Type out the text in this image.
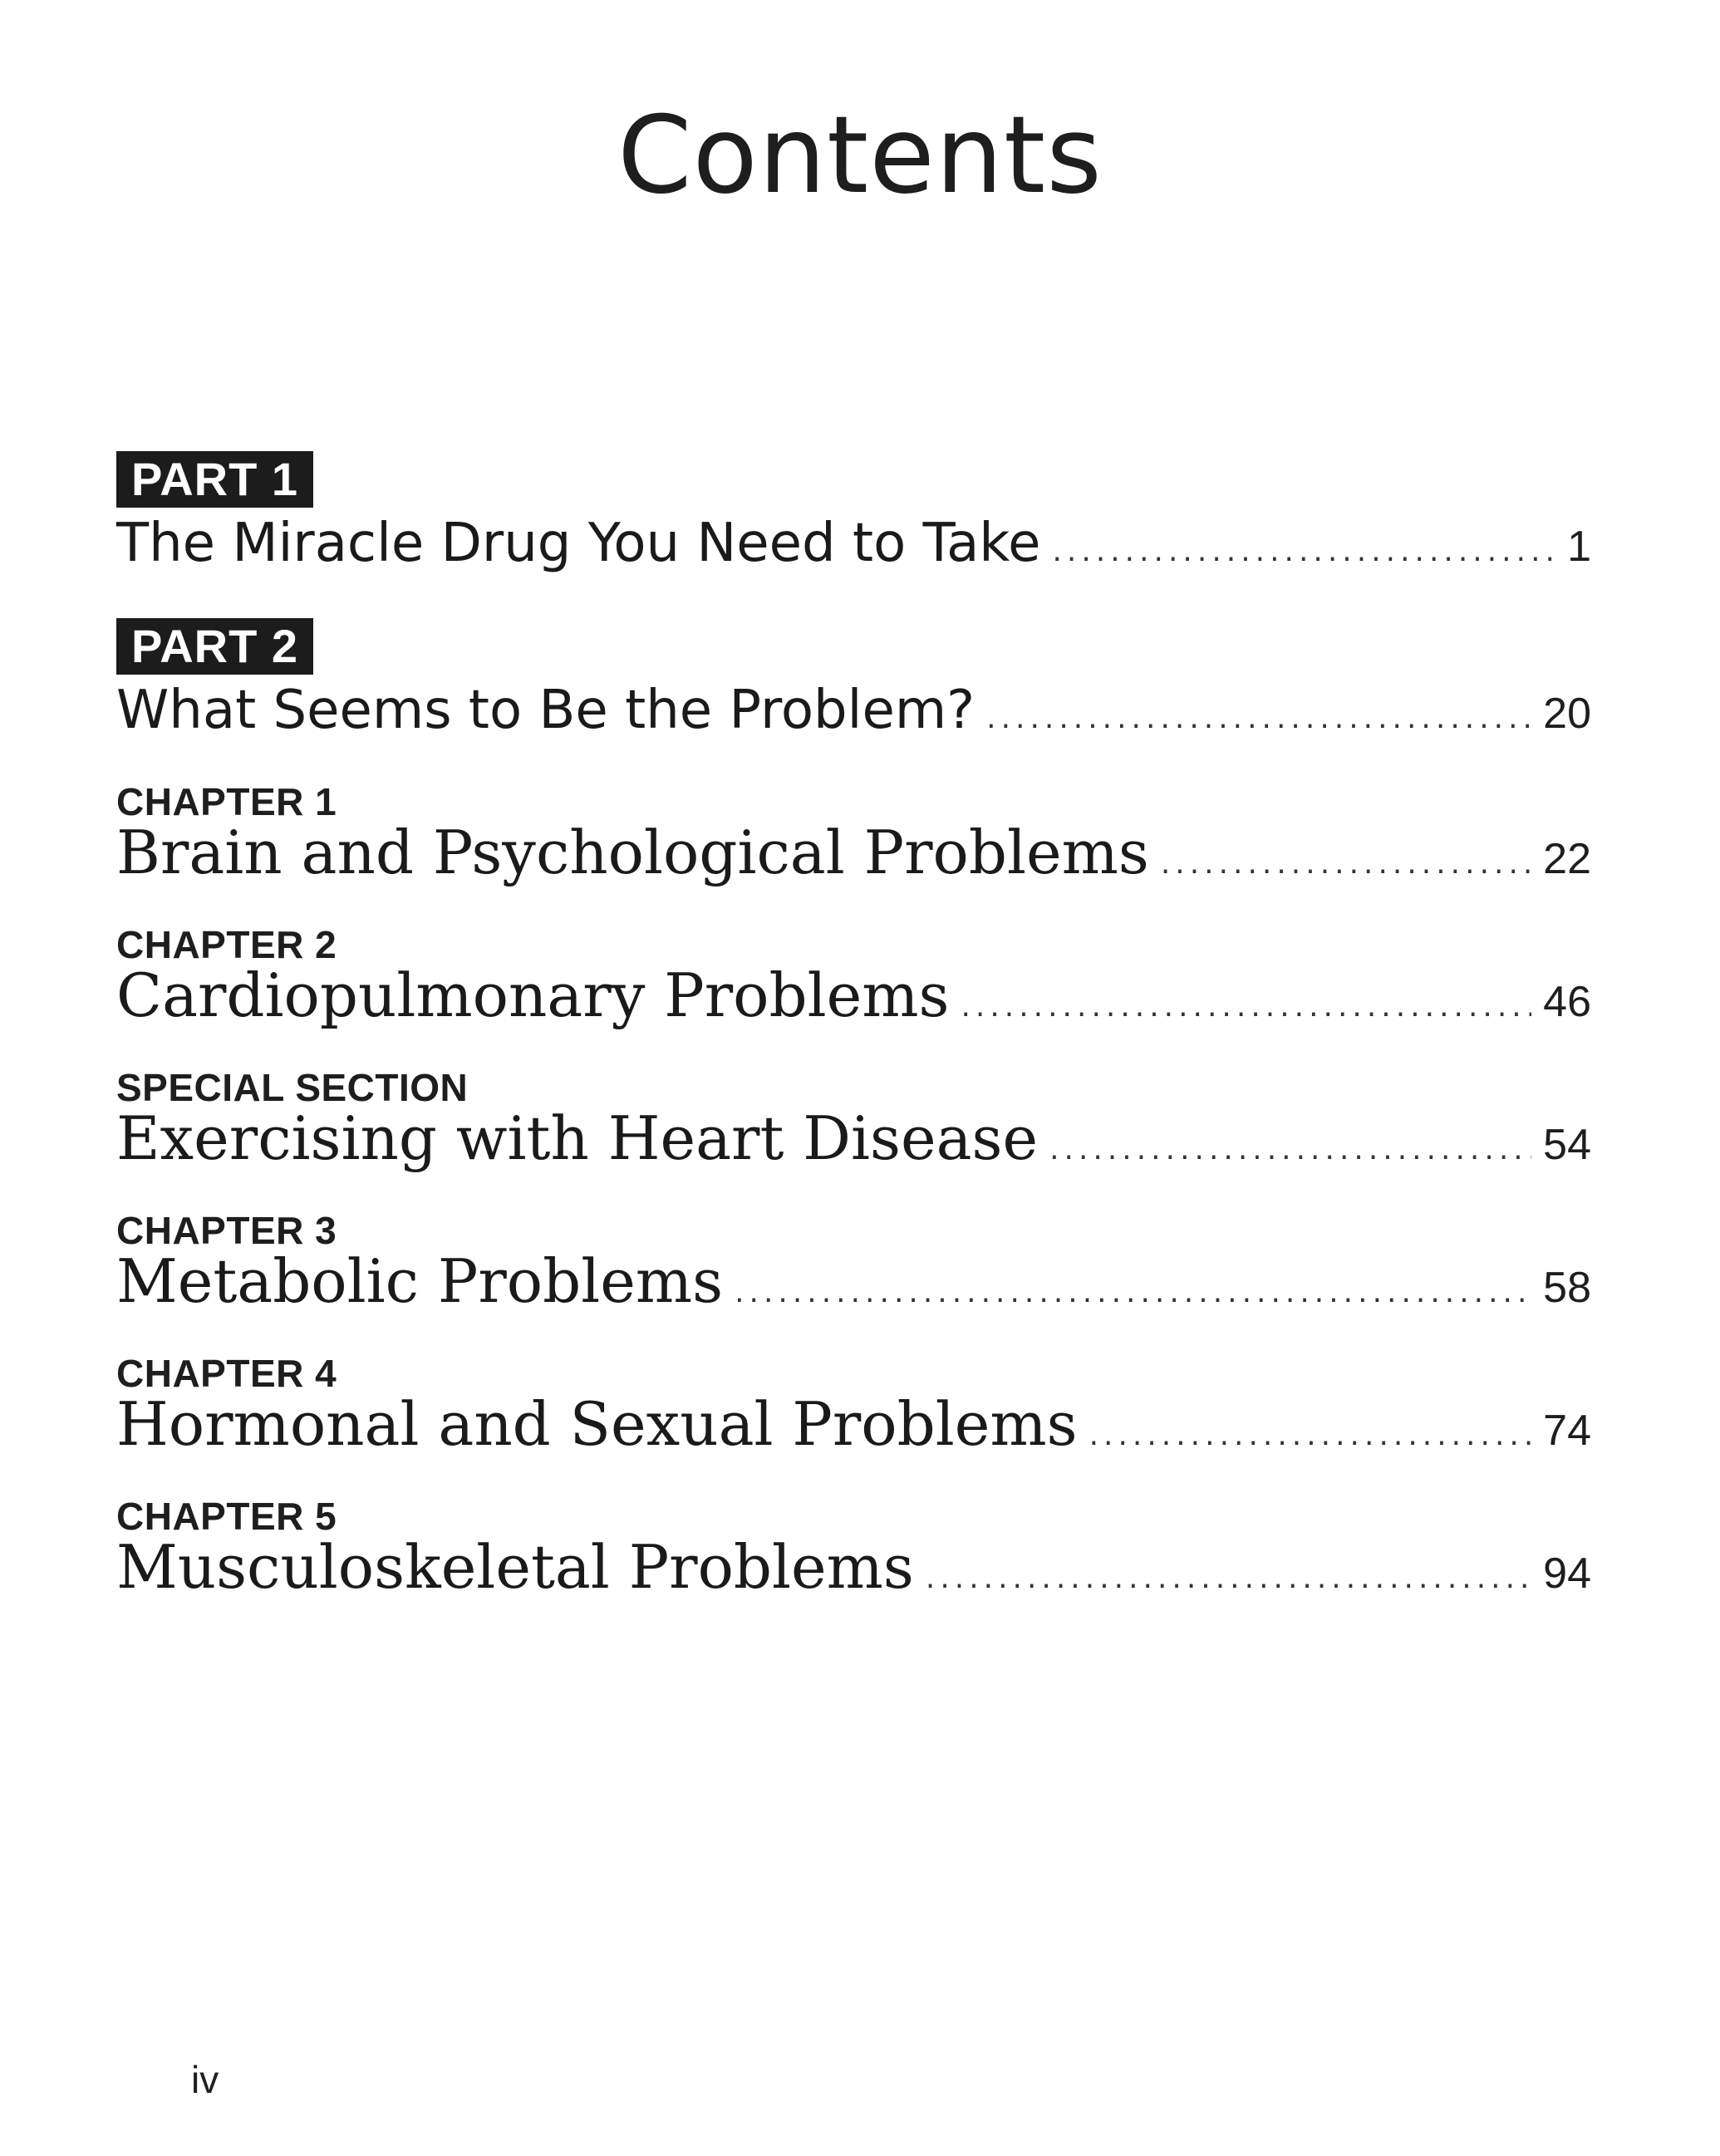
Contents
PART 1
The Miracle Drug You Need to Take .....	1
PART 2
What Seems to Be the Problem? .....	20
CHAPTER 1
Brain and Psychological Problems .....	22
CHAPTER 2
Cardiopulmonary Problems .....	46
SPECIAL SECTION
Exercising with Heart Disease .....	54
CHAPTER 3
Metabolic Problems .....	58
CHAPTER 4
Hormonal and Sexual Problems .....	74
CHAPTER 5
Musculoskeletal Problems .....	94
iv
